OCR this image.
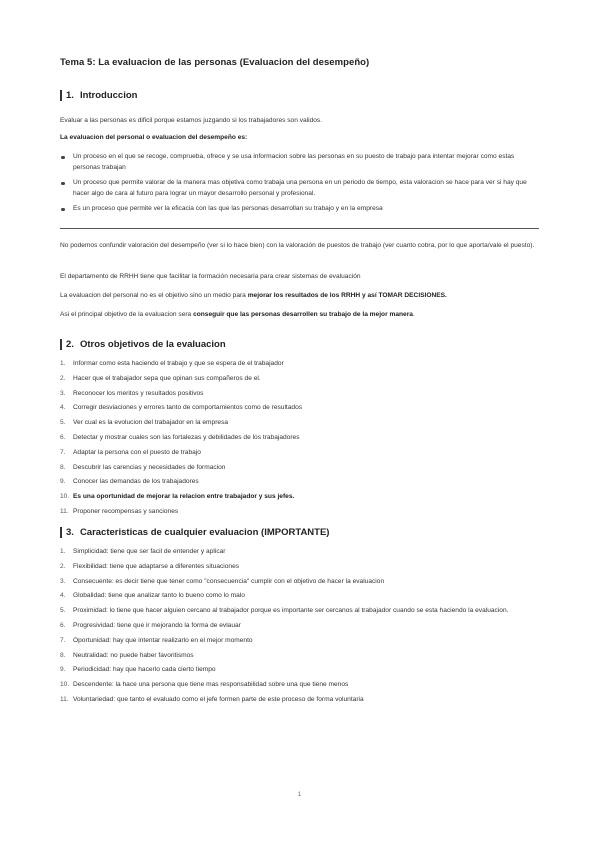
Tema 5: La evaluacion de las personas (Evaluacion del desempeño)
1. Introduccion
Evaluar a las personas es dificil porque estamos juzgando si los trabajadores son validos.
La evaluacion del personal o evaluacion del desempeño es:
Un proceso en el que se recoge, comprueba, ofrece y se usa informacion sobre las personas en su puesto de trabajo para intentar mejorar como estas personas trabajan
Un proceso que permite valorar de la manera mas objetiva como trabaja una persona en un periodo de tiempo, esta valoracion se hace para ver si hay que hacer algo de cara al futuro para lograr un mayor desarrollo personal y profesional.
Es un proceso que permite ver la eficacia con las que las personas desarrollan su trabajo y en la empresa
No podemos confundir valoración del desempeño (ver si lo hace bien) con la valoración de puestos de trabajo (ver cuanto cobra, por lo que aporta/vale el puesto).
El departamento de RRHH tiene que facilitar la formación necesaria para crear sistemas de evaluación
La evaluacion del personal no es el objetivo sino un medio para mejorar los resultados de los RRHH y así TOMAR DECISIONES.
Asi el principal objetivo de la evaluacion sera conseguir que las personas desarrollen su trabajo de la mejor manera.
2. Otros objetivos de la evaluacion
1.	Informar como esta haciendo el trabajo y que se espera de el trabajador
2.	Hacer que el trabajador sepa que opinan sus compañeros de el.
3.	Reconocer los meritos y resultados positivos
4.	Corregir desviaciones y errores tanto de comportamientos como de resultados
5.	Ver cual es la evolucion del trabajador en la empresa
6.	Detectar y mostrar cuales son las fortalezas y debilidades de los trabajadores
7.	Adaptar la persona con el puesto de trabajo
8.	Descubrir las carencias y necesidades de formacion
9.	Conocer las demandas de los trabajadores
10. Es una oportunidad de mejorar la relacion entre trabajador y sus jefes.
11. Proponer recompensas y sanciones
3. Caracteristicas de cualquier evaluacion (IMPORTANTE)
1.	Simplicidad: tiene que ser facil de entender y aplicar
2.	Flexibilidad: tiene que adaptarse a diferentes situaciones
3.	Consecuente: es decir tiene que tener como "consecuencia" cumplir con el objetivo de hacer la evaluacion
4.	Globalidad: tiene que analizar tanto lo bueno como lo malo
5.	Proximidad: lo tiene que hacer alguien cercano al trabajador porque es importante ser cercanos al trabajador cuando se esta haciendo la evaluacion.
6.	Progresividad: tiene que ir mejorando la forma de evlauar
7.	Oportunidad: hay que intentar realizarlo en el mejor momento
8.	Neutralidad: no puede haber favoritismos
9.	Periodicidad: hay que hacerlo cada cierto tiempo
10. Descendente: la hace una persona que tiene mas responsabilidad sobre una que tiene menos
11. Voluntariedad: que tanto el evaluado como el jefe formen parte de este proceso de forma voluntaria
1
